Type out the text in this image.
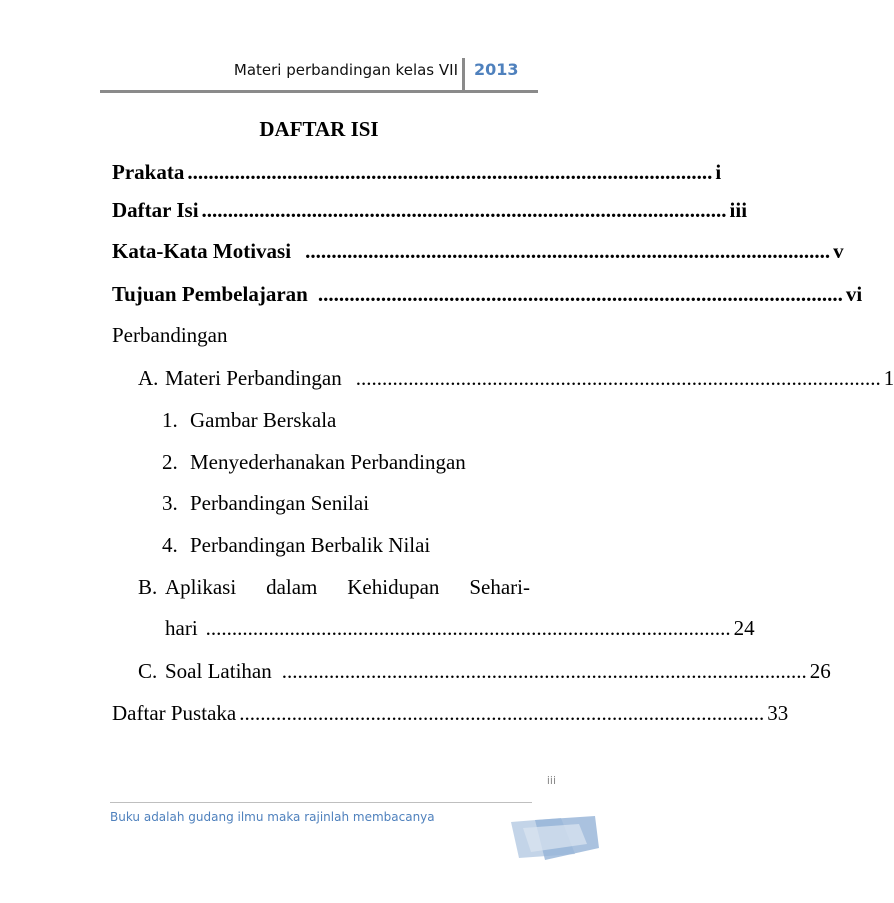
Materi perbandingan kelas VII 2013
DAFTAR ISI
Prakata .................................................................................................... i
Daftar Isi .................................................................................................... iii
Kata-Kata Motivasi .................................................................................................... v
Tujuan Pembelajaran .................................................................................................... vi
Perbandingan
A. Materi Perbandingan .................................................................................................... 1
1. Gambar Berskala
2. Menyederhanakan Perbandingan
3. Perbandingan Senilai
4. Perbandingan Berbalik Nilai
B. Aplikasi dalam Kehidupan Sehari-
hari .................................................................................................... 24
C. Soal Latihan .................................................................................................... 26
Daftar Pustaka .................................................................................................... 33
iii
Buku adalah gudang ilmu maka rajinlah membacanya
